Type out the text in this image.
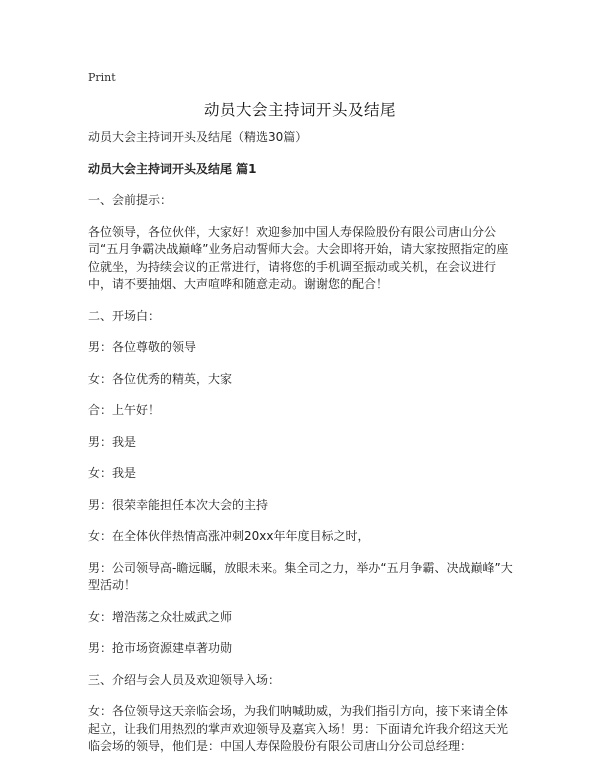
Print
动员大会主持词开头及结尾
动员大会主持词开头及结尾（精选30篇）
动员大会主持词开头及结尾 篇1
一、会前提示：
各位领导，各位伙伴，大家好！欢迎参加中国人寿保险股份有限公司唐山分公司“五月争霸决战巅峰”业务启动誓师大会。大会即将开始，请大家按照指定的座位就坐，为持续会议的正常进行，请将您的手机调至振动或关机，在会议进行中，请不要抽烟、大声喧哗和随意走动。谢谢您的配合！
二、开场白：
男：各位尊敬的领导
女：各位优秀的精英，大家
合：上午好！
男：我是
女：我是
男：很荣幸能担任本次大会的主持
女：在全体伙伴热情高涨冲刺20xx年年度目标之时，
男：公司领导高-瞻远瞩，放眼未来。集全司之力，举办“五月争霸、决战巅峰”大型活动！
女：增浩荡之众壮威武之师
男：抢市场资源建卓著功勋
三、介绍与会人员及欢迎领导入场：
女：各位领导这天亲临会场，为我们呐喊助威，为我们指引方向，接下来请全体起立，让我们用热烈的掌声欢迎领导及嘉宾入场！男：下面请允许我介绍这天光临会场的领导，他们是：中国人寿保险股份有限公司唐山分公司总经理：
